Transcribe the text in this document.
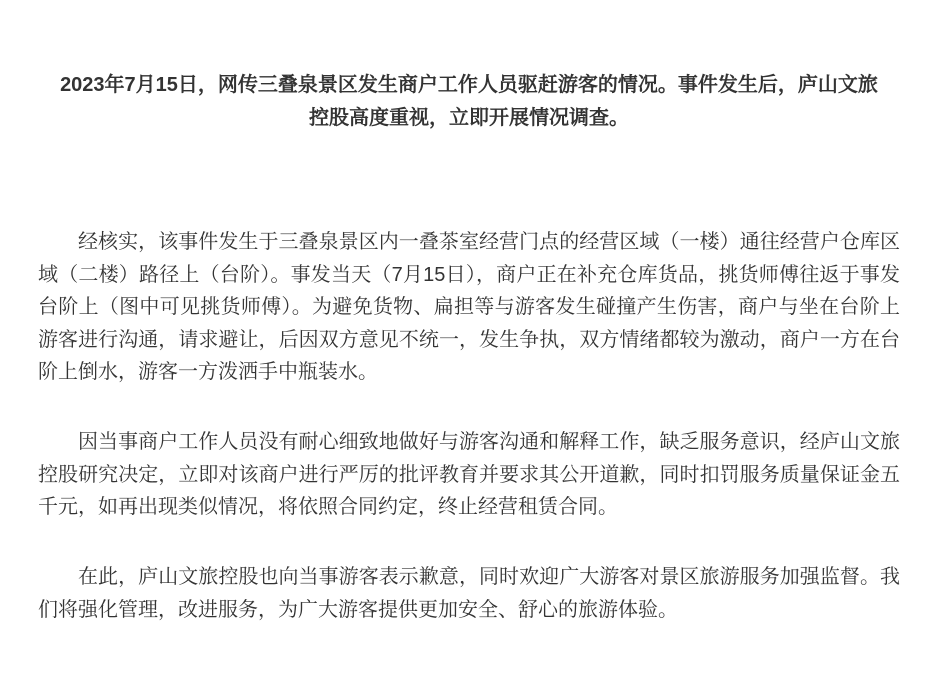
2023年7月15日，网传三叠泉景区发生商户工作人员驱赶游客的情况。事件发生后，庐山文旅
控股高度重视，立即开展情况调查。

经核实，该事件发生于三叠泉景区内一叠茶室经营门点的经营区域（一楼）通往经营户仓库区域（二楼）路径上（台阶）。事发当天（7月15日），商户正在补充仓库货品，挑货师傅往返于事发台阶上（图中可见挑货师傅）。为避免货物、扁担等与游客发生碰撞产生伤害，商户与坐在台阶上游客进行沟通，请求避让，后因双方意见不统一，发生争执，双方情绪都较为激动，商户一方在台阶上倒水，游客一方泼洒手中瓶装水。

因当事商户工作人员没有耐心细致地做好与游客沟通和解释工作，缺乏服务意识，经庐山文旅控股研究决定，立即对该商户进行严厉的批评教育并要求其公开道歉，同时扣罚服务质量保证金五千元，如再出现类似情况，将依照合同约定，终止经营租赁合同。

在此，庐山文旅控股也向当事游客表示歉意，同时欢迎广大游客对景区旅游服务加强监督。我们将强化管理，改进服务，为广大游客提供更加安全、舒心的旅游体验。
